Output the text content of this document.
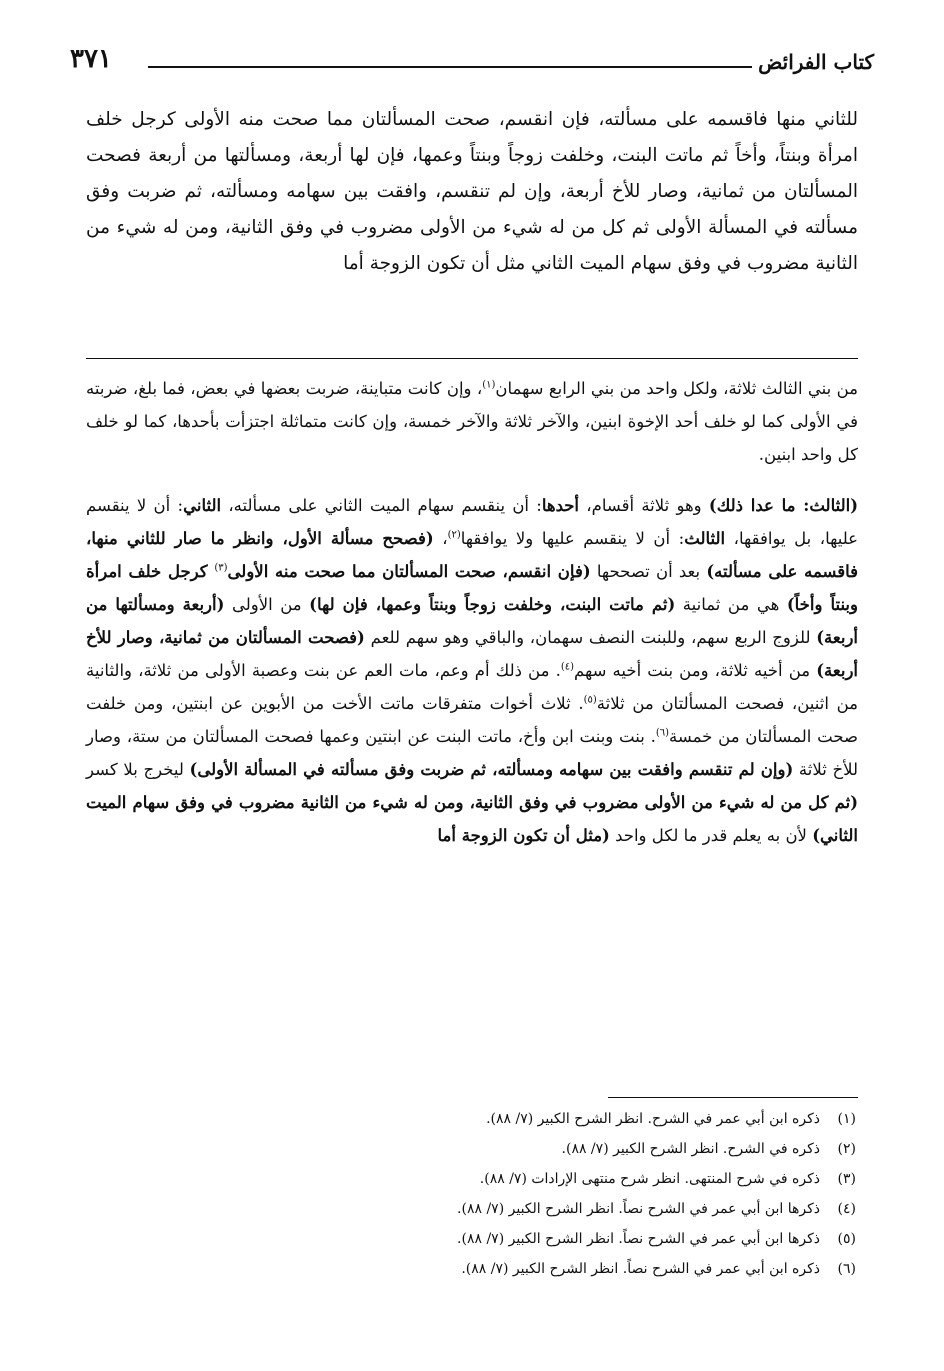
كتاب الفرائض
٣٧١

للثاني منها فاقسمه على مسألته، فإن انقسم، صحت المسألتان مما صحت منه الأولى كرجل خلف امرأة وبنتاً، وأخاً ثم ماتت البنت، وخلفت زوجاً وبنتاً وعمها، فإن لها أربعة، ومسألتها من أربعة فصحت المسألتان من ثمانية، وصار للأخ أربعة، وإن لم تنقسم، وافقت بين سهامه ومسألته، ثم ضربت وفق مسألته في المسألة الأولى ثم كل من له شيء من الأولى مضروب في وفق الثانية، ومن له شيء من الثانية مضروب في وفق سهام الميت الثاني مثل أن تكون الزوجة أما

من بني الثالث ثلاثة، ولكل واحد من بني الرابع سهمان$^{(١)}$، وإن كانت متباينة، ضربت بعضها في بعض، فما بلغ، ضربته في الأولى كما لو خلف أحد الإخوة ابنين، والآخر ثلاثة والآخر خمسة، وإن كانت متماثلة اجتزأت بأحدها، كما لو خلف كل واحد ابنين.

(الثالث: ما عدا ذلك) وهو ثلاثة أقسام، أحدها: أن ينقسم سهام الميت الثاني على مسألته، الثاني: أن لا ينقسم عليها، بل يوافقها، الثالث: أن لا ينقسم عليها ولا يوافقها$^{(٢)}$، (فصحح مسألة الأول، وانظر ما صار للثاني منها، فاقسمه على مسألته) بعد أن تصححها (فإن انقسم، صحت المسألتان مما صحت منه الأولى$^{(٣)}$ كرجل خلف امرأة وبنتاً وأخاً) هي من ثمانية (ثم ماتت البنت، وخلفت زوجاً وبنتاً وعمها، فإن لها) من الأولى (أربعة ومسألتها من أربعة) للزوج الربع سهم، وللبنت النصف سهمان، والباقي وهو سهم للعم (فصحت المسألتان من ثمانية، وصار للأخ أربعة) من أخيه ثلاثة، ومن بنت أخيه سهم$^{(٤)}$. من ذلك أم وعم، مات العم عن بنت وعصبة الأولى من ثلاثة، والثانية من اثنين، فصحت المسألتان من ثلاثة$^{(٥)}$. ثلاث أخوات متفرقات ماتت الأخت من الأبوين عن ابنتين، ومن خلفت صحت المسألتان من خمسة$^{(٦)}$. بنت وبنت ابن وأخ، ماتت البنت عن ابنتين وعمها فصحت المسألتان من ستة، وصار للأخ ثلاثة (وإن لم تنقسم وافقت بين سهامه ومسألته، ثم ضربت وفق مسألته في المسألة الأولى) ليخرج بلا كسر (ثم كل من له شيء من الأولى مضروب في وفق الثانية، ومن له شيء من الثانية مضروب في وفق سهام الميت الثاني) لأن به يعلم قدر ما لكل واحد (مثل أن تكون الزوجة أما

(١)
ذكره ابن أبي عمر في الشرح. انظر الشرح الكبير (٧/ ٨٨).
(٢)
ذكره في الشرح. انظر الشرح الكبير (٧/ ٨٨).
(٣)
ذكره في شرح المنتهى. انظر شرح منتهى الإرادات (٧/ ٨٨).
(٤)
ذكرها ابن أبي عمر في الشرح نصاً. انظر الشرح الكبير (٧/ ٨٨).
(٥)
ذكرها ابن أبي عمر في الشرح نصاً. انظر الشرح الكبير (٧/ ٨٨).
(٦)
ذكره ابن أبي عمر في الشرح نصاً. انظر الشرح الكبير (٧/ ٨٨).
